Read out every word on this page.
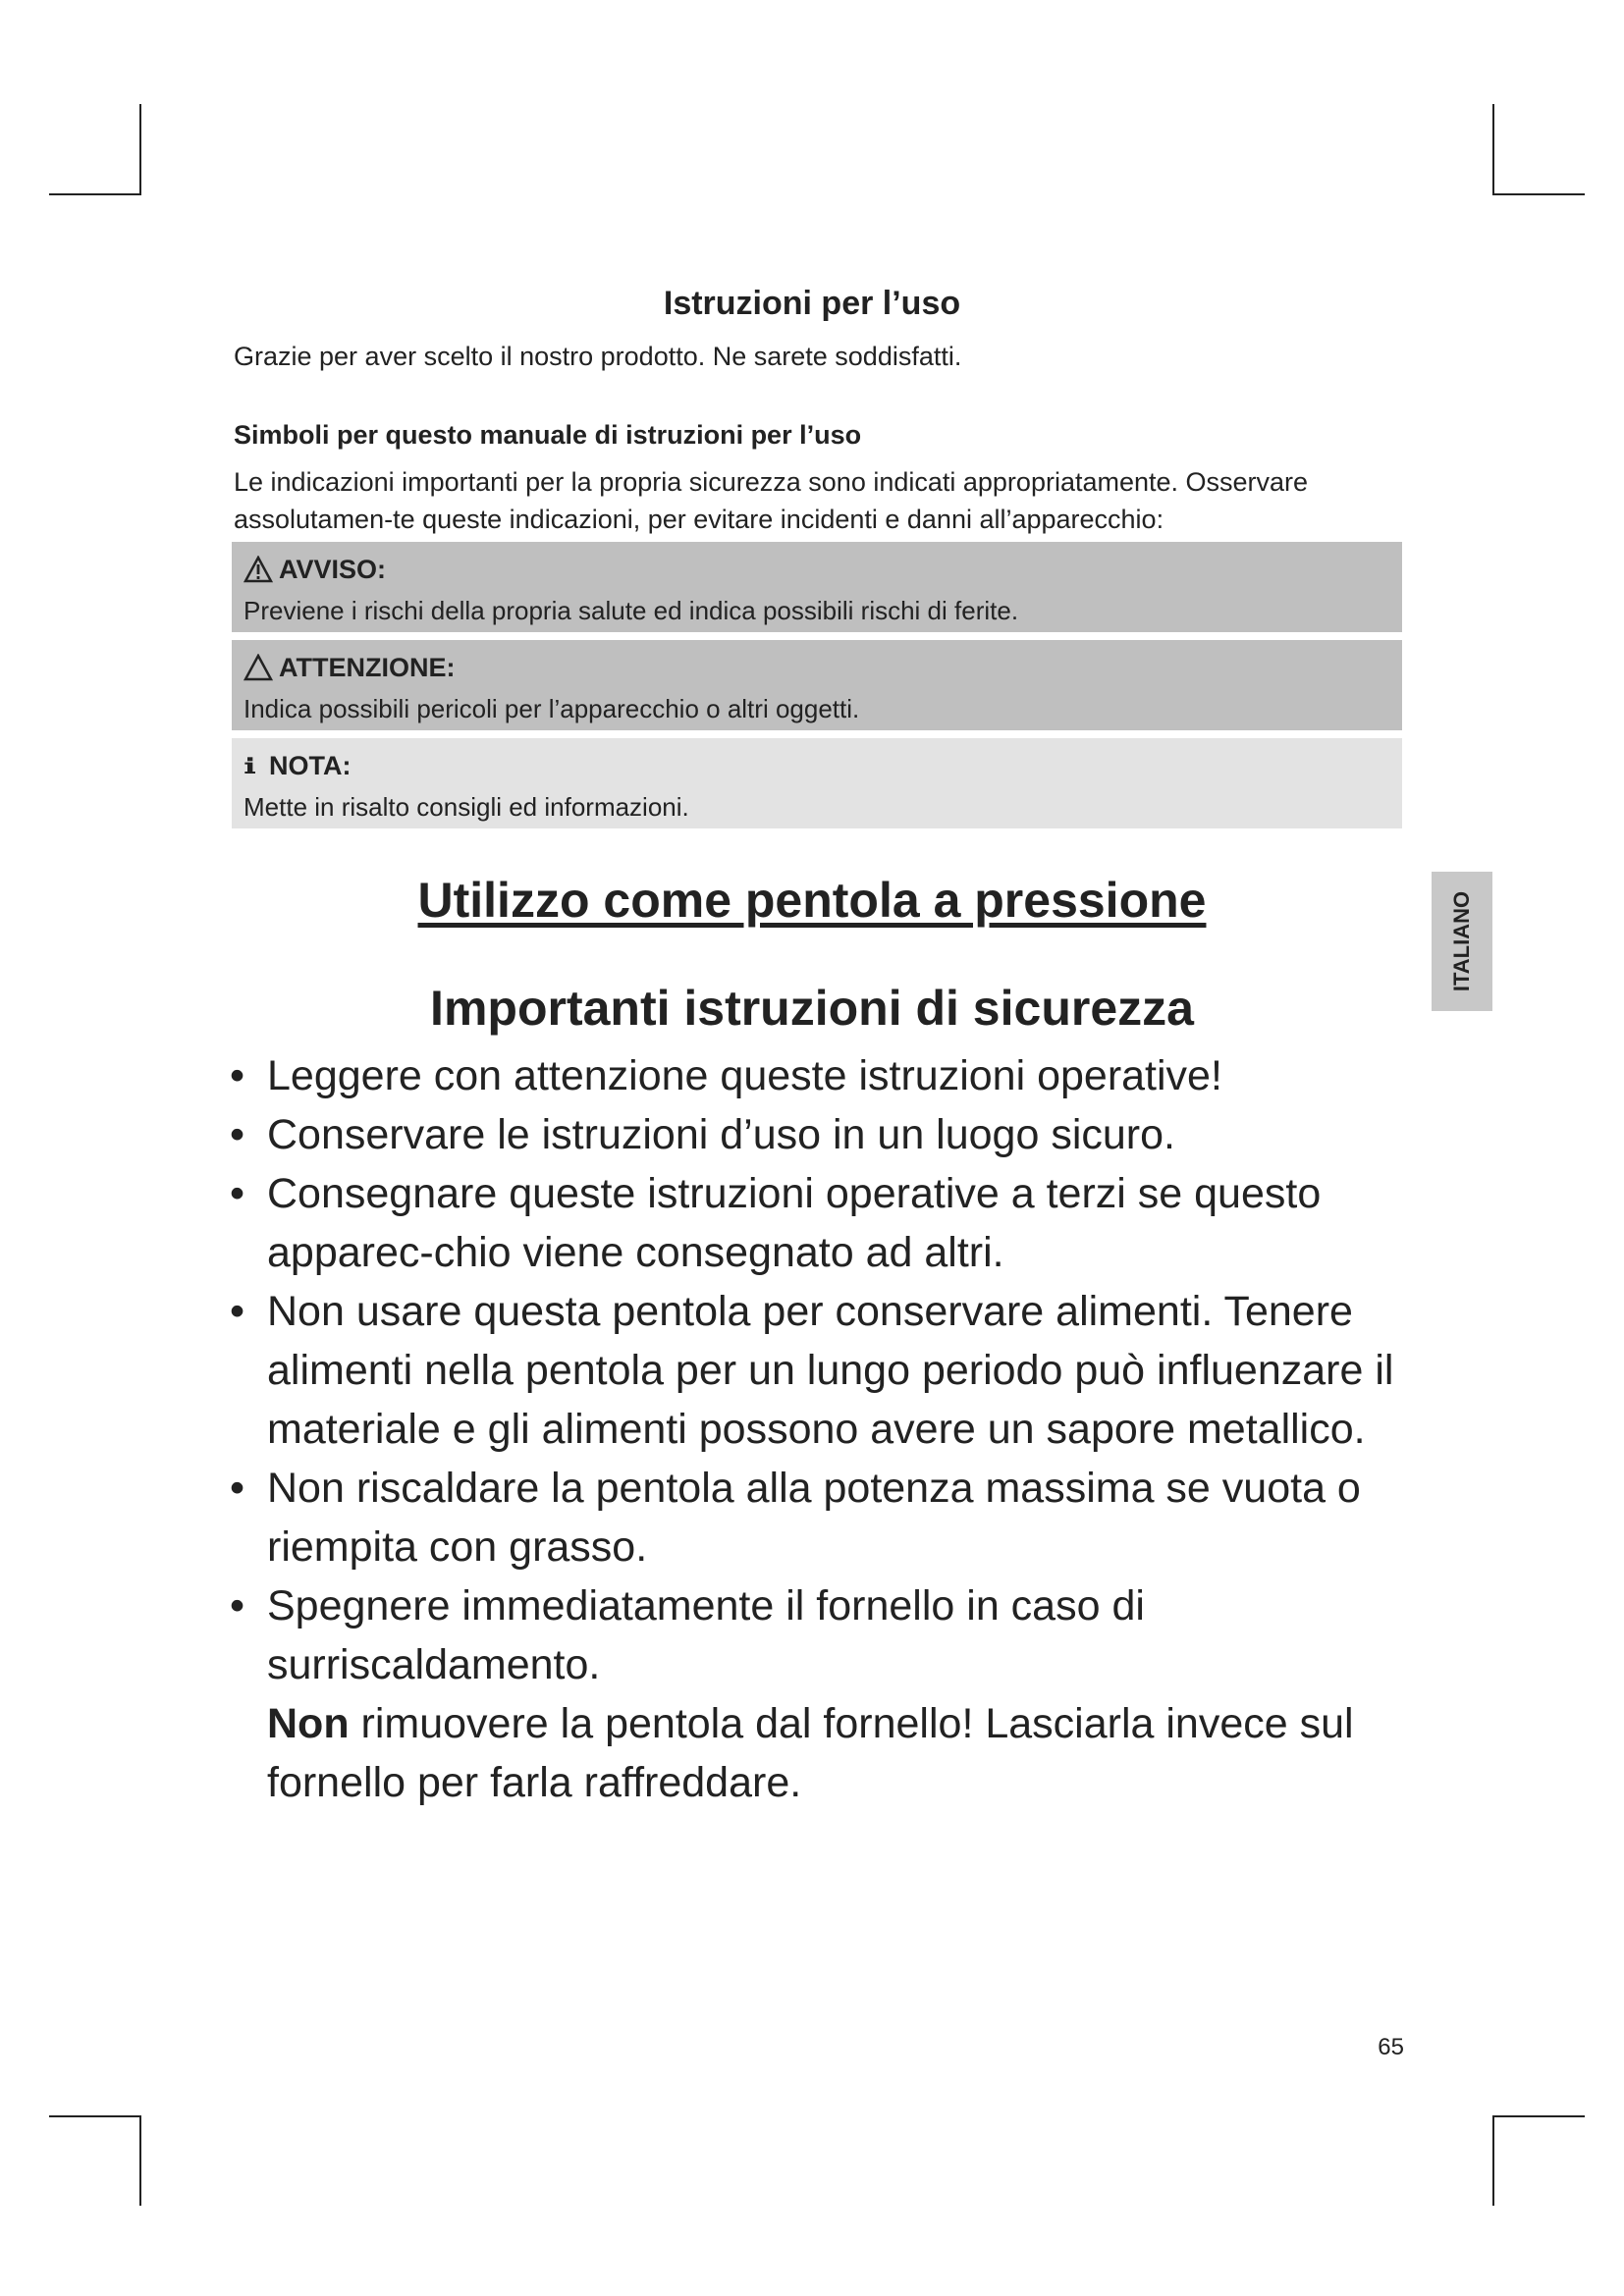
Istruzioni per l’uso
Grazie per aver scelto il nostro prodotto. Ne sarete soddisfatti.
Simboli per questo manuale di istruzioni per l’uso
Le indicazioni importanti per la propria sicurezza sono indicati appropriatamente. Osservare assolutamen-te queste indicazioni, per evitare incidenti e danni all’apparecchio:
AVVISO:
Previene i rischi della propria salute ed indica possibili rischi di ferite.
ATTENZIONE:
Indica possibili pericoli per l’apparecchio o altri oggetti.
NOTA:
Mette in risalto consigli ed informazioni.
Utilizzo come pentola a pressione
Importanti istruzioni di sicurezza
• Leggere con attenzione queste istruzioni operative!
• Conservare le istruzioni d’uso in un luogo sicuro.
• Consegnare queste istruzioni operative a terzi se questo apparec-chio viene consegnato ad altri.
• Non usare questa pentola per conservare alimenti. Tenere alimenti nella pentola per un lungo periodo può influenzare il materiale e gli alimenti possono avere un sapore metallico.
• Non riscaldare la pentola alla potenza massima se vuota o riempita con grasso.
• Spegnere immediatamente il fornello in caso di surriscaldamento.
Non rimuovere la pentola dal fornello! Lasciarla invece sul fornello per farla raffreddare.
ITALIANO
65
